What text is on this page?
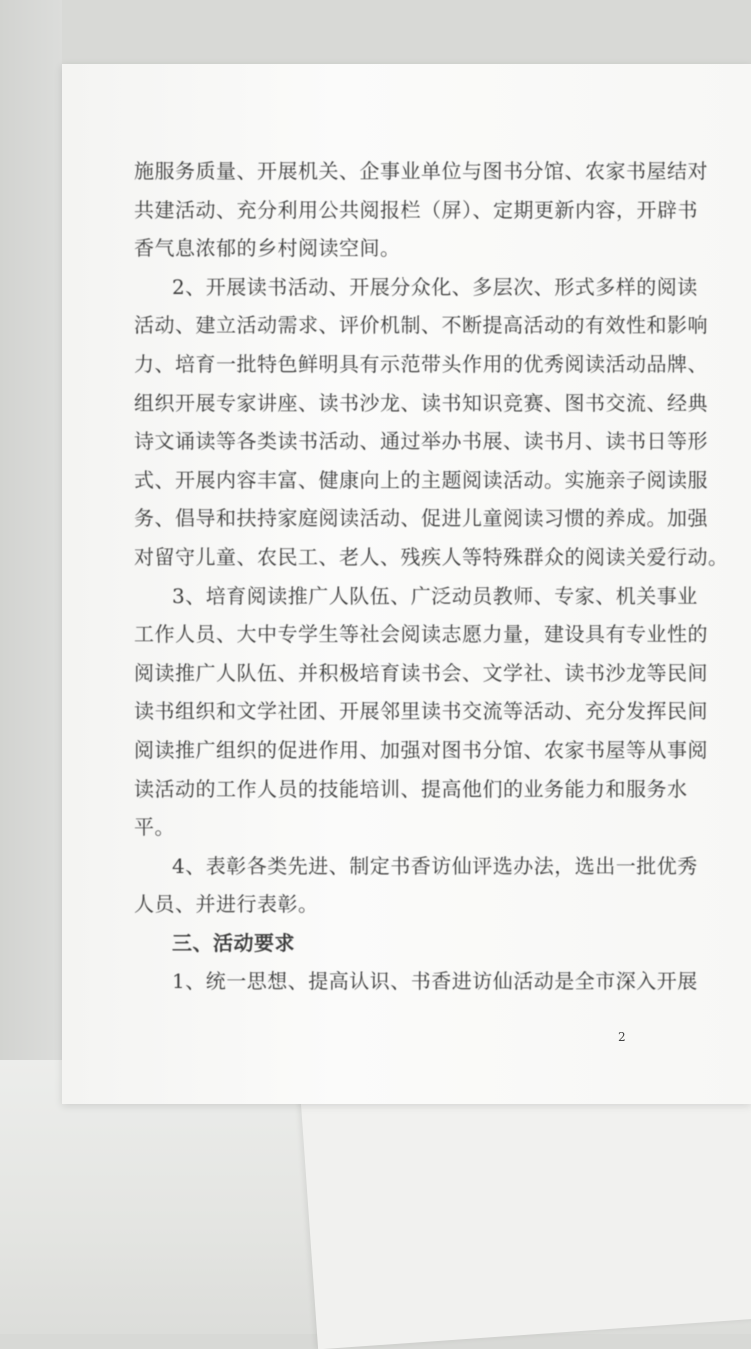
施服务质量、开展机关、企事业单位与图书分馆、农家书屋结对
共建活动、充分利用公共阅报栏（屏）、定期更新内容，开辟书
香气息浓郁的乡村阅读空间。
2、开展读书活动、开展分众化、多层次、形式多样的阅读
活动、建立活动需求、评价机制、不断提高活动的有效性和影响
力、培育一批特色鲜明具有示范带头作用的优秀阅读活动品牌、
组织开展专家讲座、读书沙龙、读书知识竞赛、图书交流、经典
诗文诵读等各类读书活动、通过举办书展、读书月、读书日等形
式、开展内容丰富、健康向上的主题阅读活动。实施亲子阅读服
务、倡导和扶持家庭阅读活动、促进儿童阅读习惯的养成。加强
对留守儿童、农民工、老人、残疾人等特殊群众的阅读关爱行动。
3、培育阅读推广人队伍、广泛动员教师、专家、机关事业
工作人员、大中专学生等社会阅读志愿力量，建设具有专业性的
阅读推广人队伍、并积极培育读书会、文学社、读书沙龙等民间
读书组织和文学社团、开展邻里读书交流等活动、充分发挥民间
阅读推广组织的促进作用、加强对图书分馆、农家书屋等从事阅
读活动的工作人员的技能培训、提高他们的业务能力和服务水
平。
4、表彰各类先进、制定书香访仙评选办法，选出一批优秀
人员、并进行表彰。
三、活动要求
1、统一思想、提高认识、书香进访仙活动是全市深入开展
2
